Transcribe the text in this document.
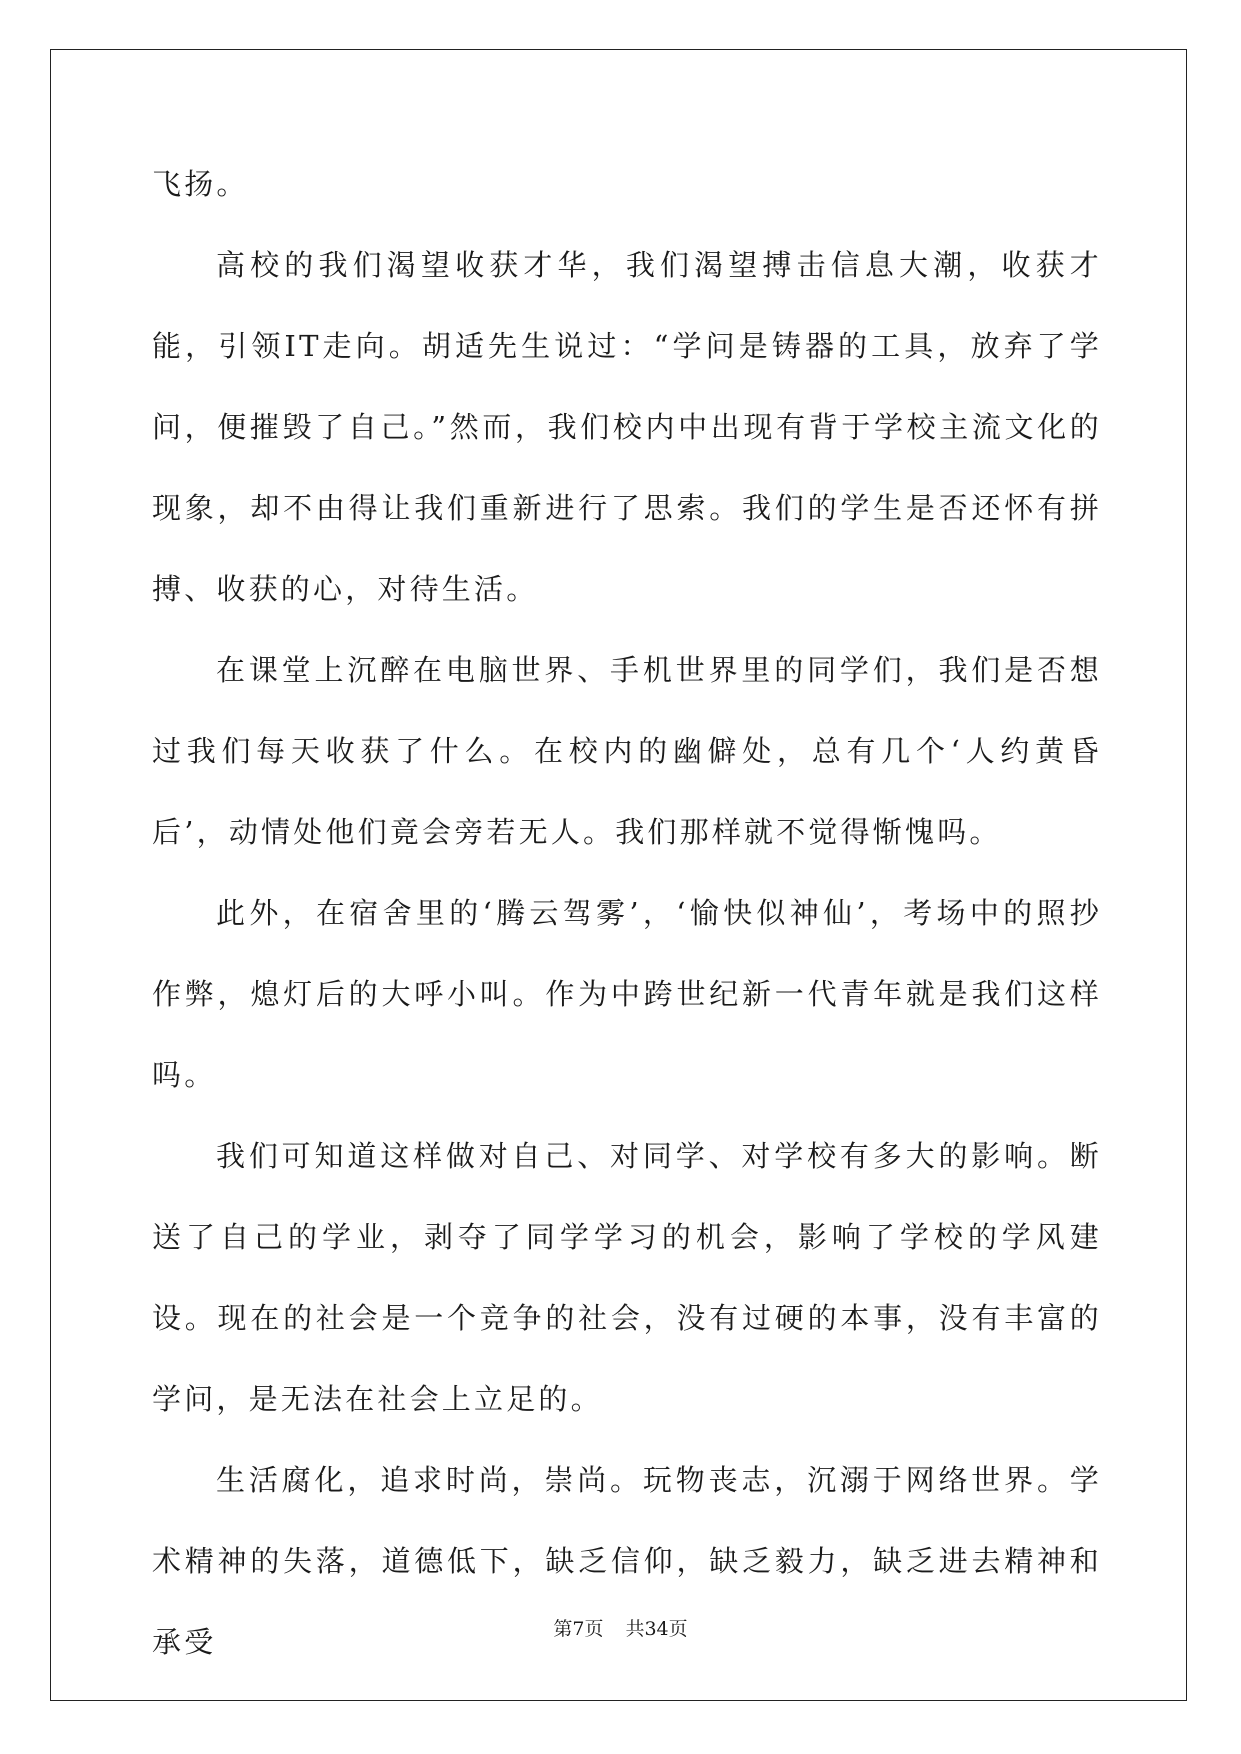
飞扬。

高校的我们渴望收获才华，我们渴望搏击信息大潮，收获才能，引领IT走向。胡适先生说过：“学问是铸器的工具，放弃了学问，便摧毁了自己。”然而，我们校内中出现有背于学校主流文化的现象，却不由得让我们重新进行了思索。我们的学生是否还怀有拼搏、收获的心，对待生活。

在课堂上沉醉在电脑世界、手机世界里的同学们，我们是否想过我们每天收获了什么。在校内的幽僻处，总有几个‘人约黄昏后’，动情处他们竟会旁若无人。我们那样就不觉得惭愧吗。

此外，在宿舍里的‘腾云驾雾’，‘愉快似神仙’，考场中的照抄作弊，熄灯后的大呼小叫。作为中跨世纪新一代青年就是我们这样吗。

我们可知道这样做对自己、对同学、对学校有多大的影响。断送了自己的学业，剥夺了同学学习的机会，影响了学校的学风建设。现在的社会是一个竞争的社会，没有过硬的本事，没有丰富的学问，是无法在社会上立足的。

生活腐化，追求时尚，崇尚。玩物丧志，沉溺于网络世界。学术精神的失落，道德低下，缺乏信仰，缺乏毅力，缺乏进去精神和承受	第7页 共34页
